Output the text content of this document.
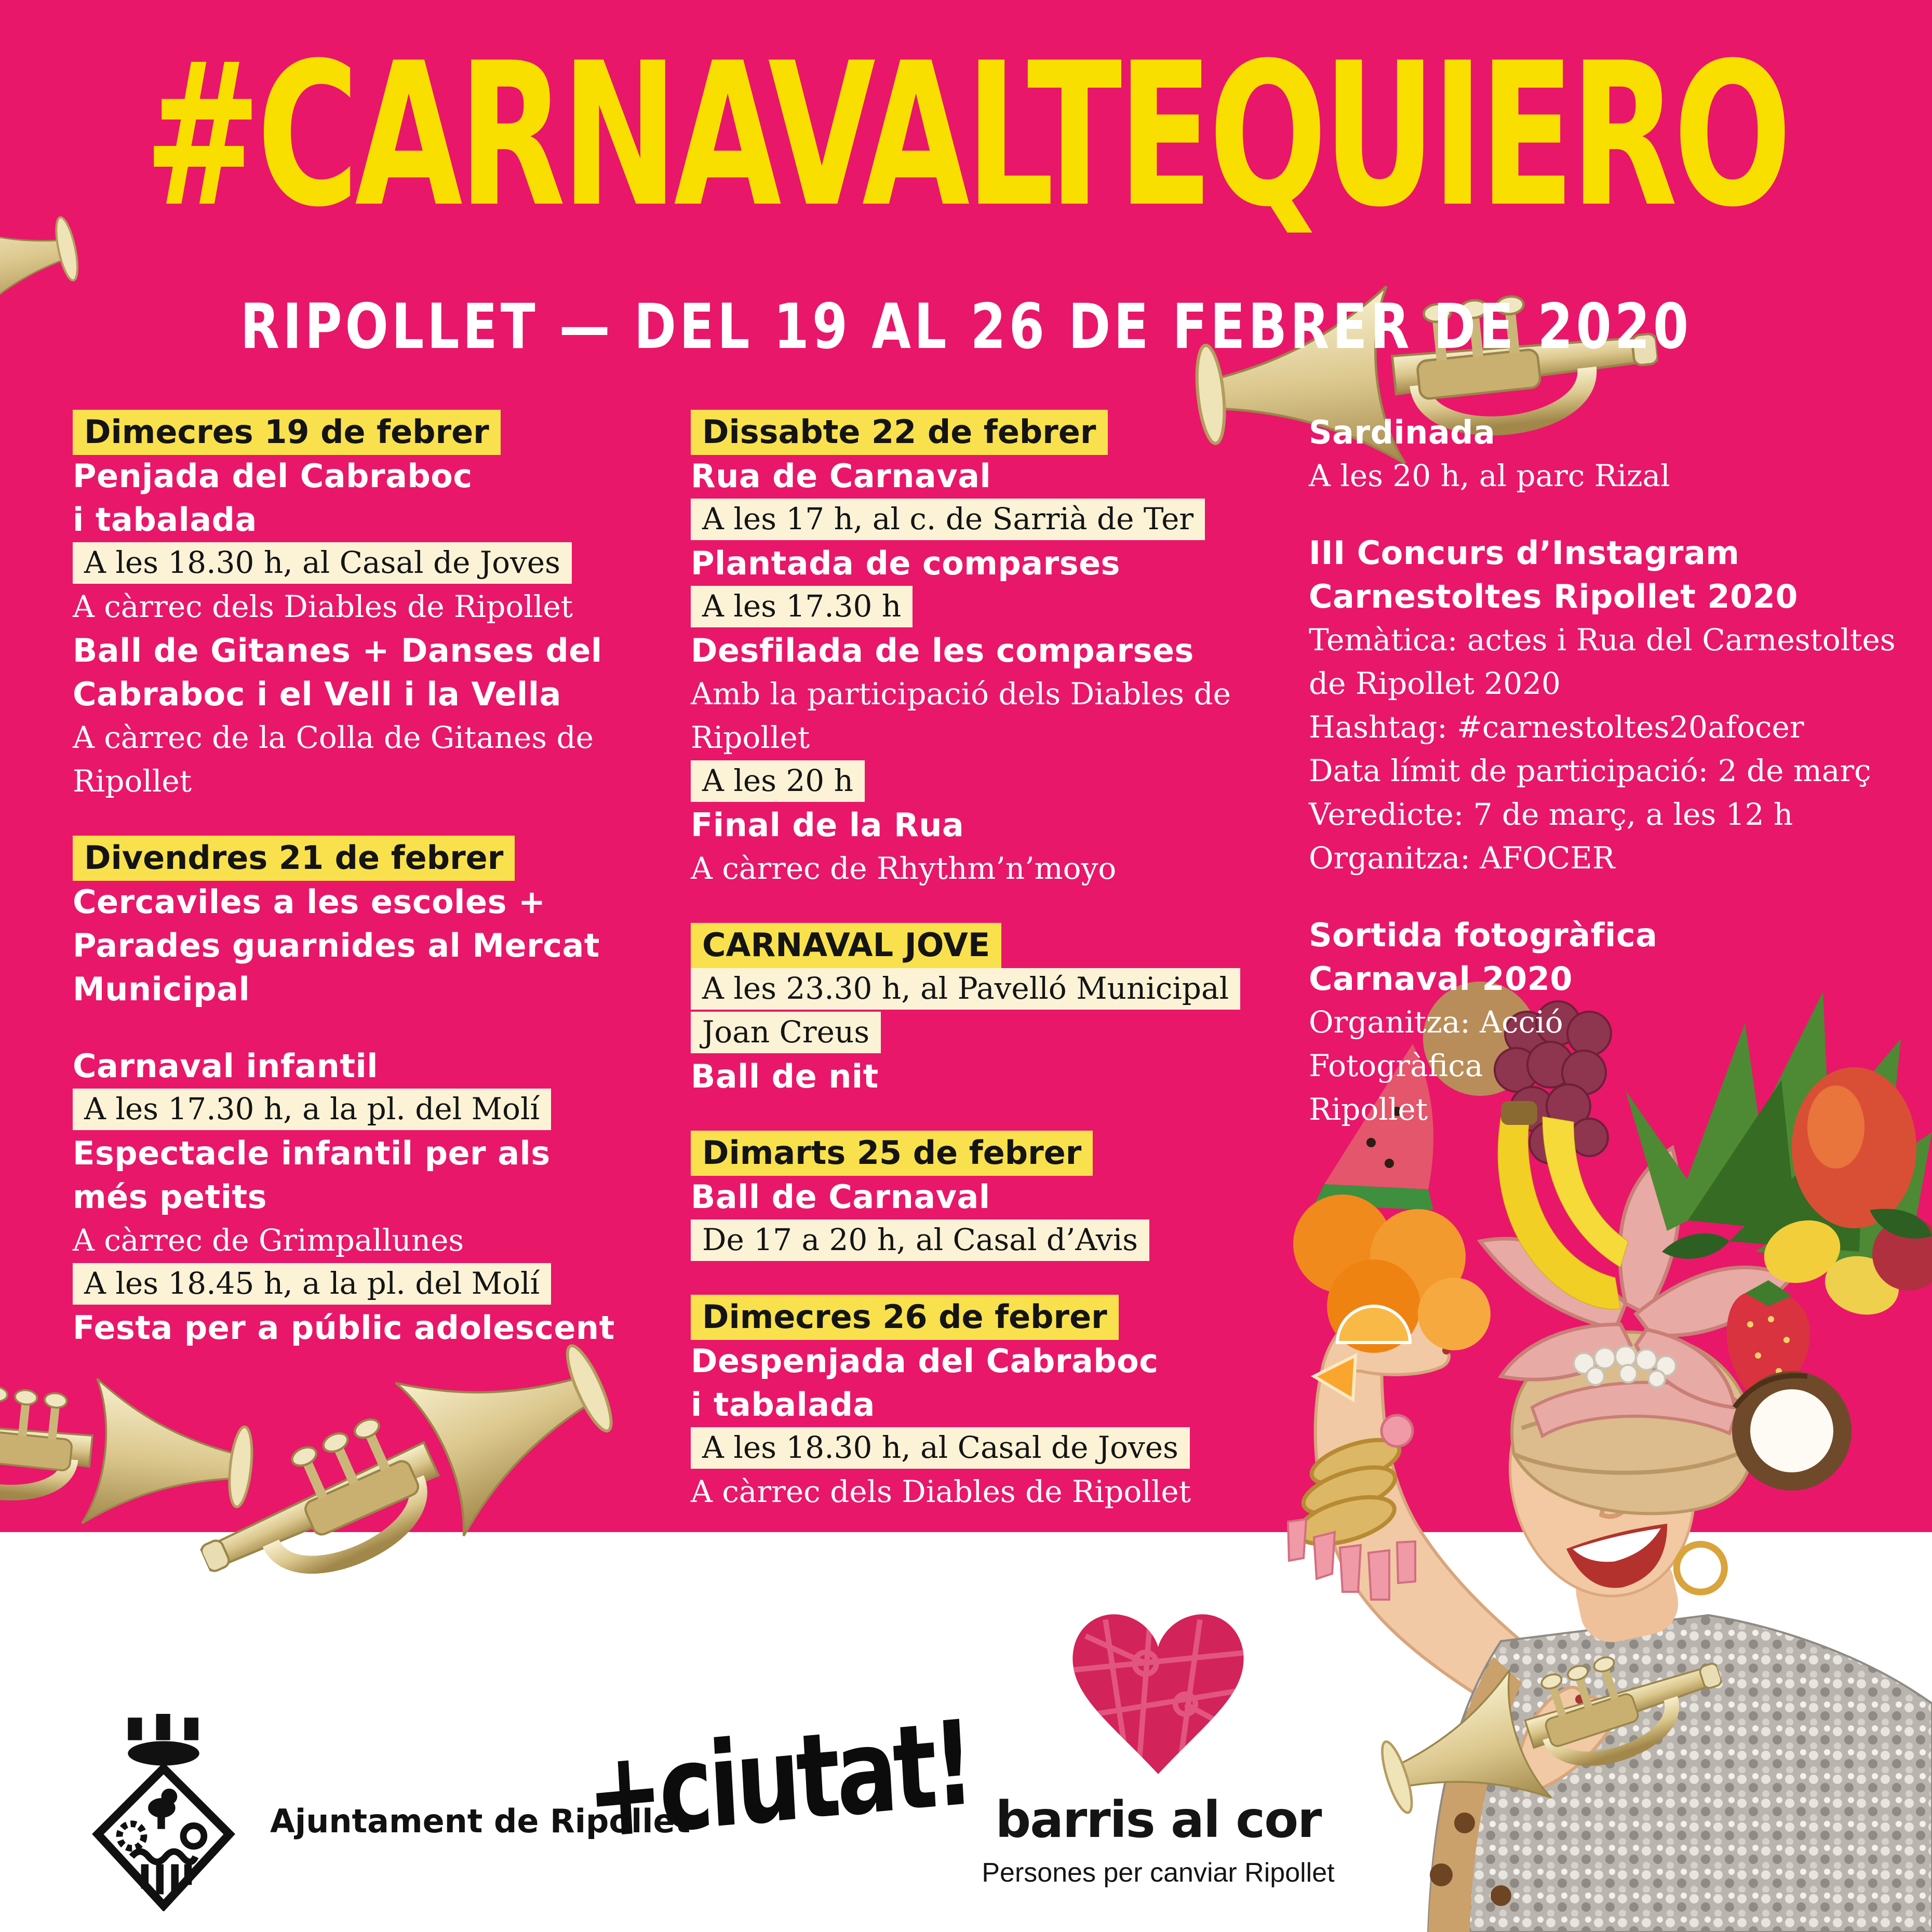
#CARNAVALTEQUIERO
RIPOLLET — DEL 19 AL 26 DE FEBRER DE 2020
Dimecres 19 de febrer
Penjada del Cabraboc
i tabalada
A les 18.30 h, al Casal de Joves
A càrrec dels Diables de Ripollet
Ball de Gitanes + Danses del
Cabraboc i el Vell i la Vella
A càrrec de la Colla de Gitanes de
Ripollet
Divendres 21 de febrer
Cercaviles a les escoles +
Parades guarnides al Mercat
Municipal
Carnaval infantil
A les 17.30 h, a la pl. del Molí
Espectacle infantil per als
més petits
A càrrec de Grimpallunes
A les 18.45 h, a la pl. del Molí
Festa per a públic adolescent
Dissabte 22 de febrer
Rua de Carnaval
A les 17 h, al c. de Sarrià de Ter
Plantada de comparses
A les 17.30 h
Desfilada de les comparses
Amb la participació dels Diables de
Ripollet
A les 20 h
Final de la Rua
A càrrec de Rhythm’n’moyo
CARNAVAL JOVE
A les 23.30 h, al Pavelló Municipal
Joan Creus
Ball de nit
Dimarts 25 de febrer
Ball de Carnaval
De 17 a 20 h, al Casal d’Avis
Dimecres 26 de febrer
Despenjada del Cabraboc
i tabalada
A les 18.30 h, al Casal de Joves
A càrrec dels Diables de Ripollet
Sardinada
A les 20 h, al parc Rizal
III Concurs d’Instagram
Carnestoltes Ripollet 2020
Temàtica: actes i Rua del Carnestoltes
de Ripollet 2020
Hashtag: #carnestoltes20afocer
Data límit de participació: 2 de març
Veredicte: 7 de març, a les 12 h
Organitza: AFOCER
Sortida fotogràfica
Carnaval 2020
Organitza: Acció
Fotogràfica
Ripollet
Ajuntament de Ripollet
+ciutat! barris al cor
Persones per canviar Ripollet
